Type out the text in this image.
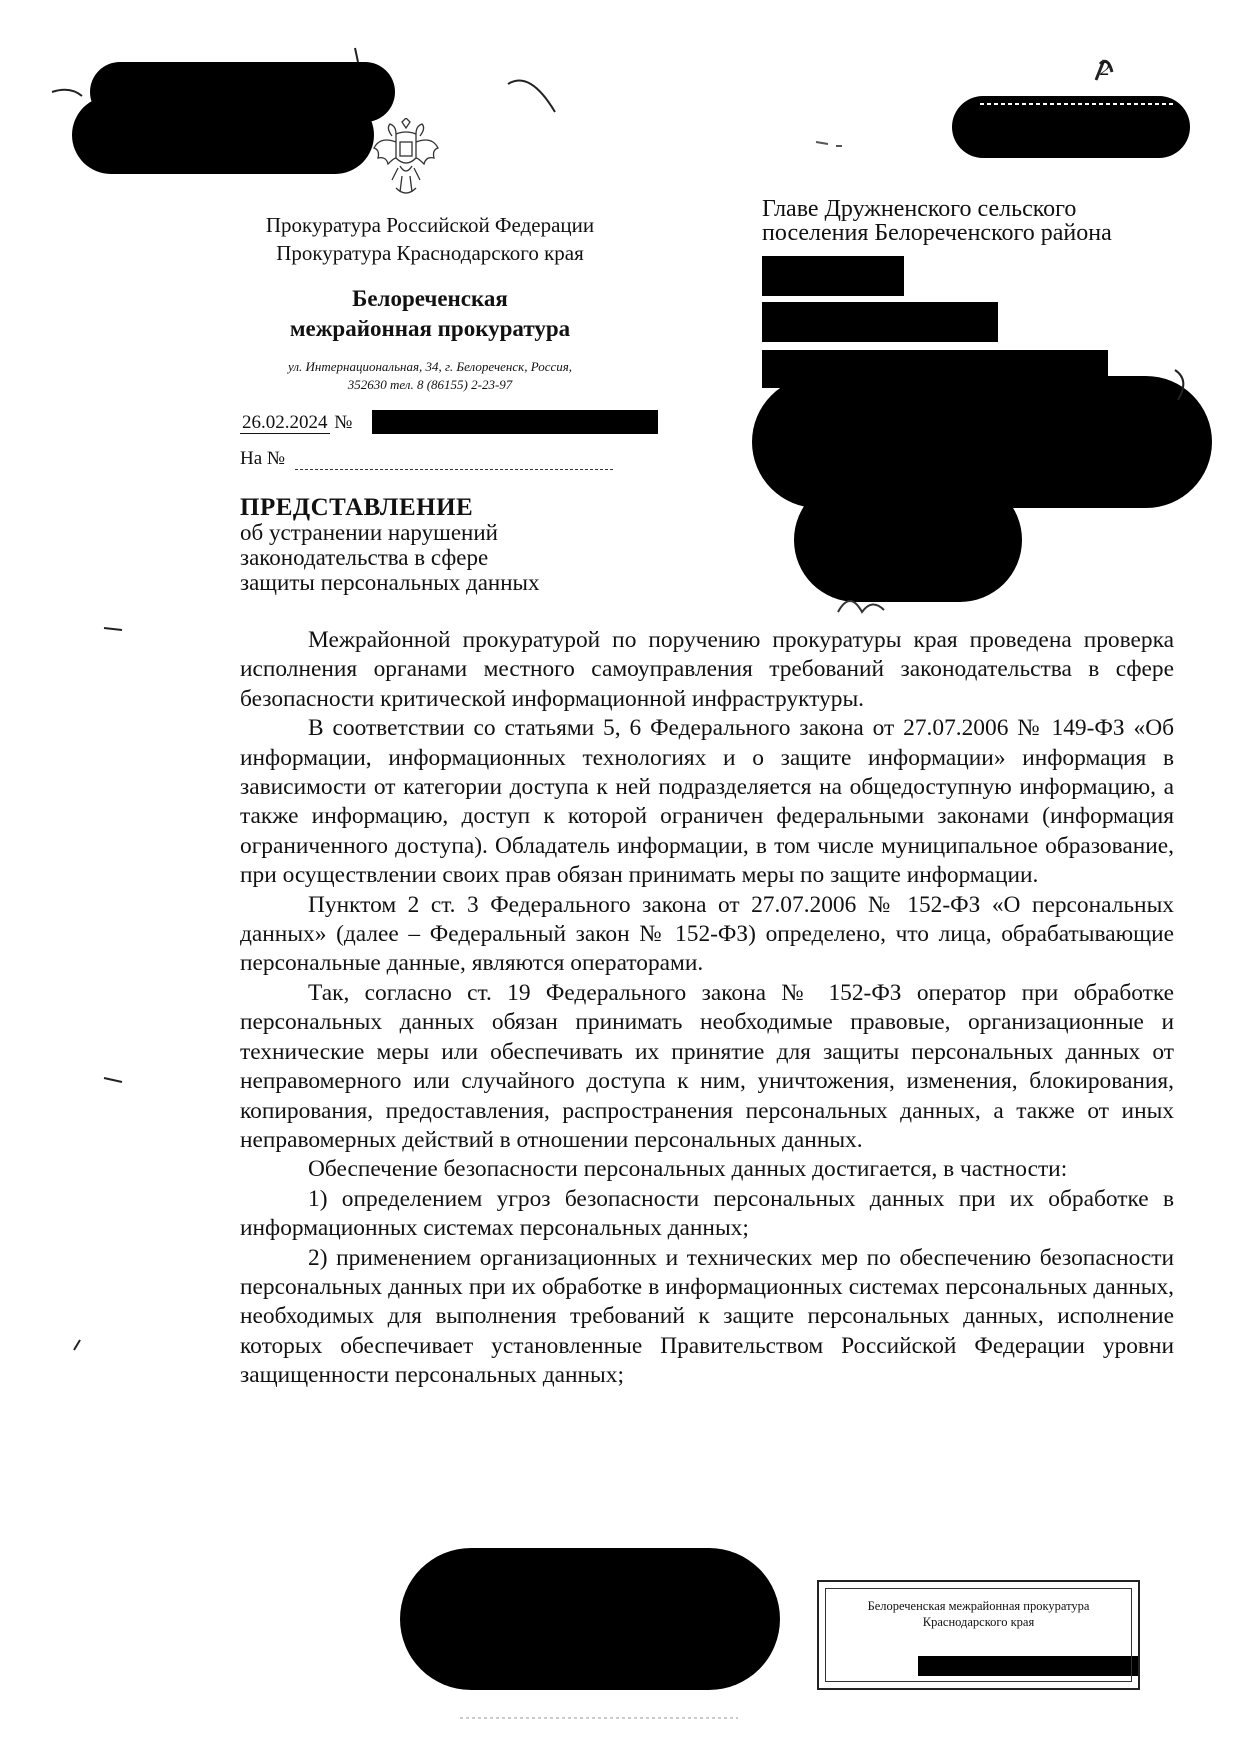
Прокуратура Российской Федерации
Прокуратура Краснодарского края
Белореченская
межрайонная прокуратура
ул. Интернациональная, 34, г. Белореченск, Россия,
352630 тел. 8 (86155) 2-23-97
26.02.2024 №
На №
Главе Дружненского сельского
поселения Белореченского района
ПРЕДСТАВЛЕНИЕ
об устранении нарушений
законодательства в сфере
защиты персональных данных

Межрайонной прокуратурой по поручению прокуратуры края проведена проверка исполнения органами местного самоуправления требований законодательства в сфере безопасности критической информационной инфраструктуры.

В соответствии со статьями 5, 6 Федерального закона от 27.07.2006 № 149-ФЗ «Об информации, информационных технологиях и о защите информации» информация в зависимости от категории доступа к ней подразделяется на общедоступную информацию, а также информацию, доступ к которой ограничен федеральными законами (информация ограниченного доступа). Обладатель информации, в том числе муниципальное образование, при осуществлении своих прав обязан принимать меры по защите информации.

Пунктом 2 ст. 3 Федерального закона от 27.07.2006 № 152-ФЗ «О персональных данных» (далее – Федеральный закон № 152-ФЗ) определено, что лица, обрабатывающие персональные данные, являются операторами.

Так, согласно ст. 19 Федерального закона № 152-ФЗ оператор при обработке персональных данных обязан принимать необходимые правовые, организационные и технические меры или обеспечивать их принятие для защиты персональных данных от неправомерного или случайного доступа к ним, уничтожения, изменения, блокирования, копирования, предоставления, распространения персональных данных, а также от иных неправомерных действий в отношении персональных данных.

Обеспечение безопасности персональных данных достигается, в частности:

1) определением угроз безопасности персональных данных при их обработке в информационных системах персональных данных;

2) применением организационных и технических мер по обеспечению безопасности персональных данных при их обработке в информационных системах персональных данных, необходимых для выполнения требований к защите персональных данных, исполнение которых обеспечивает установленные Правительством Российской Федерации уровни защищенности персональных данных;

Белореченская межрайонная прокуратура
Краснодарского края
2
